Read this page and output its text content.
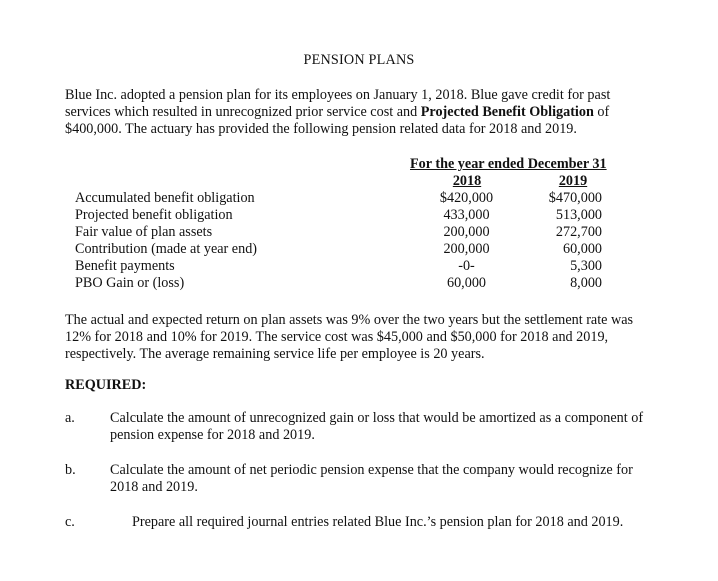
PENSION PLANS
Blue Inc. adopted a pension plan for its employees on January 1, 2018. Blue gave credit for past services which resulted in unrecognized prior service cost and Projected Benefit Obligation of $400,000. The actuary has provided the following pension related data for 2018 and 2019.
For the year ended December 31
2018	2019
Accumulated benefit obligation	$420,000	$470,000
Projected benefit obligation	433,000	513,000
Fair value of plan assets	200,000	272,700
Contribution (made at year end)	200,000	60,000
Benefit payments	-0-	5,300
PBO Gain or (loss)	60,000	8,000
The actual and expected return on plan assets was 9% over the two years but the settlement rate was 12% for 2018 and 10% for 2019. The service cost was $45,000 and $50,000 for 2018 and 2019, respectively. The average remaining service life per employee is 20 years.
REQUIRED:
a. Calculate the amount of unrecognized gain or loss that would be amortized as a component of pension expense for 2018 and 2019.
b. Calculate the amount of net periodic pension expense that the company would recognize for 2018 and 2019.
c.	Prepare all required journal entries related Blue Inc.’s pension plan for 2018 and 2019.
